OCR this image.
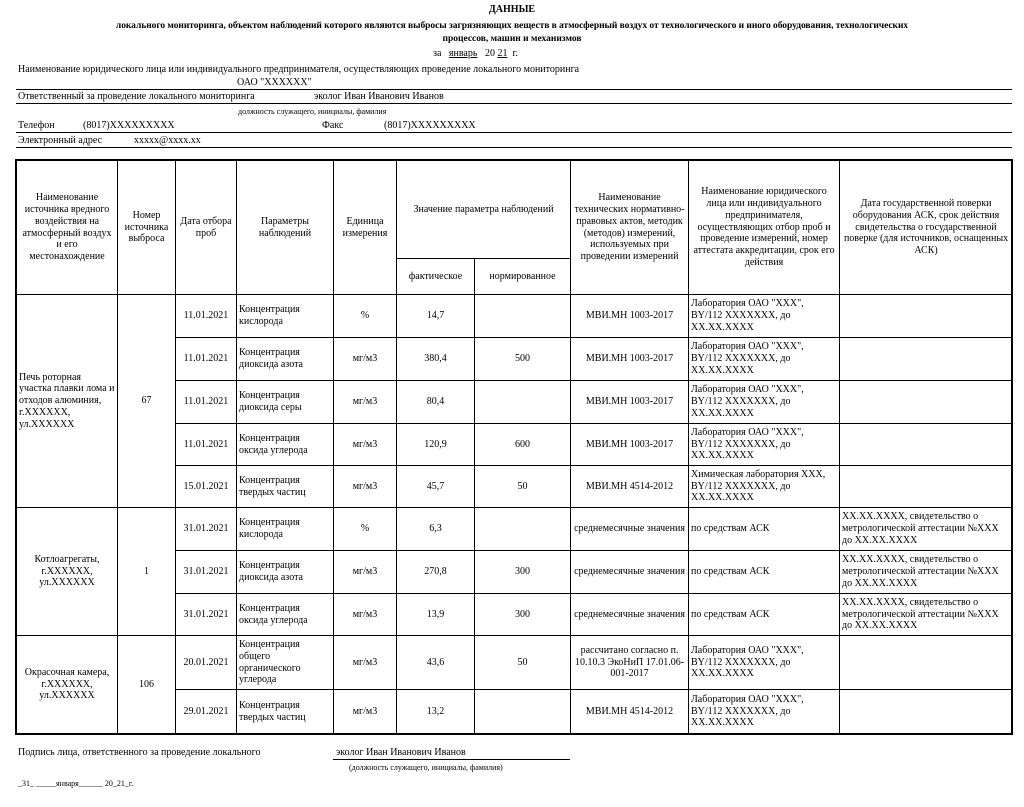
ДАННЫЕ
локального мониторинга, объектом наблюдений которого являются выбросы загрязняющих веществ в атмосферный воздух от технологического и иного оборудования, технологических
процессов, машин и механизмов
за январь 20 21 г.
Наименование юридического лица или индивидуального предпринимателя, осуществляющих проведение локального мониторинга
ОАО "ХХХХХХ"
Ответственный за проведение локального мониторинга	эколог Иван Иванович Иванов
должность служащего, инициалы, фамилия
Телефон	(8017)ХХХХХХХХХ	Факс	(8017)ХХХХХХХХХ
Электронный адрес	xxxxx@xxxx.xx
Наименование источника вредного воздействия на атмосферный воздух и его местонахождение	Номер источника выброса	Дата отбора проб	Параметры наблюдений	Единица измерения	Значение параметра наблюдений		Наименование технических нормативно-правовых актов, методик (методов) измерений, используемых при проведении измерений	Наименование юридического лица или индивидуального предпринимателя, осуществляющих отбор проб и проведение измерений, номер аттестата аккредитации, срок его действия	Дата государственной поверки оборудования АСК, срок действия свидетельства о государственной поверке (для источников, оснащенных АСК)
					фактическое	нормированное			
Печь роторная участка плавки лома и отходов алюминия, г.ХХХХХХ, ул.ХХХХХХ	67	11.01.2021	Концентрация кислорода	%	14,7		МВИ.МН 1003-2017	Лаборатория ОАО "ХХХ", BY/112 ХХХХХХХ, до ХХ.ХХ.ХХХХ	
		11.01.2021	Концентрация диоксида азота	мг/м3	380,4	500	МВИ.МН 1003-2017	Лаборатория ОАО "ХХХ", BY/112 ХХХХХХХ, до ХХ.ХХ.ХХХХ	
		11.01.2021	Концентрация диоксида серы	мг/м3	80,4		МВИ.МН 1003-2017	Лаборатория ОАО "ХХХ", BY/112 ХХХХХХХ, до ХХ.ХХ.ХХХХ	
		11.01.2021	Концентрация оксида углерода	мг/м3	120,9	600	МВИ.МН 1003-2017	Лаборатория ОАО "ХХХ", BY/112 ХХХХХХХ, до ХХ.ХХ.ХХХХ	
		15.01.2021	Концентрация твердых частиц	мг/м3	45,7	50	МВИ.МН 4514-2012	Химическая лаборатория ХХХ, BY/112 ХХХХХХХ, до ХХ.ХХ.ХХХХ	
Котлоагрегаты, г.ХХХХХХ, ул.ХХХХХХ	1	31.01.2021	Концентрация кислорода	%	6,3		среднемесячные значения	по средствам АСК	ХХ.ХХ.ХХХХ, свидетельство о метрологической аттестации №ХХХ до ХХ.ХХ.ХХХХ
		31.01.2021	Концентрация диоксида азота	мг/м3	270,8	300	среднемесячные значения	по средствам АСК	ХХ.ХХ.ХХХХ, свидетельство о метрологической аттестации №ХХХ до ХХ.ХХ.ХХХХ
		31.01.2021	Концентрация оксида углерода	мг/м3	13,9	300	среднемесячные значения	по средствам АСК	ХХ.ХХ.ХХХХ, свидетельство о метрологической аттестации №ХХХ до ХХ.ХХ.ХХХХ
Окрасочная камера, г.ХХХХХХ, ул.ХХХХХХ	106	20.01.2021	Концентрация общего органического углерода	мг/м3	43,6	50	рассчитано согласно п. 10.10.3 ЭкоНиП 17.01.06-001-2017	Лаборатория ОАО "ХХХ", BY/112 ХХХХХХХ, до ХХ.ХХ.ХХХХ	
		29.01.2021	Концентрация твердых частиц	мг/м3	13,2		МВИ.МН 4514-2012	Лаборатория ОАО "ХХХ", BY/112 ХХХХХХХ, до ХХ.ХХ.ХХХХ	
Подпись лица, ответственного за проведение локального	эколог Иван Иванович Иванов
(должность служащего, инициалы, фамилия)
_31_ _____января______ 20_21_г.
